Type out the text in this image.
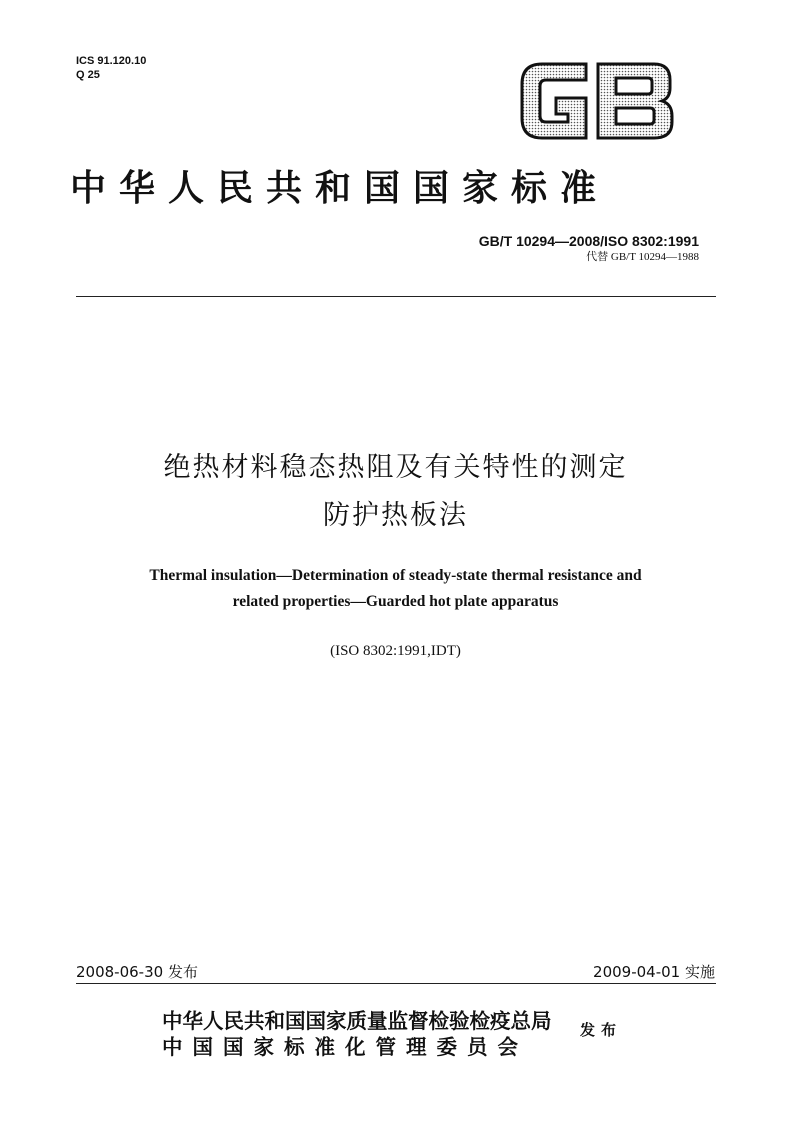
ICS 91.120.10
Q 25
中华人民共和国国家标准
GB/T 10294—2008/ISO 8302:1991
代替 GB/T 10294—1988
绝热材料稳态热阻及有关特性的测定
防护热板法
Thermal insulation—Determination of steady-state thermal resistance and
related properties—Guarded hot plate apparatus
(ISO 8302:1991,IDT)
2008-06-30 发布	2009-04-01 实施
中华人民共和国国家质量监督检验检疫总局
中国国家标准化管理委员会
发布
